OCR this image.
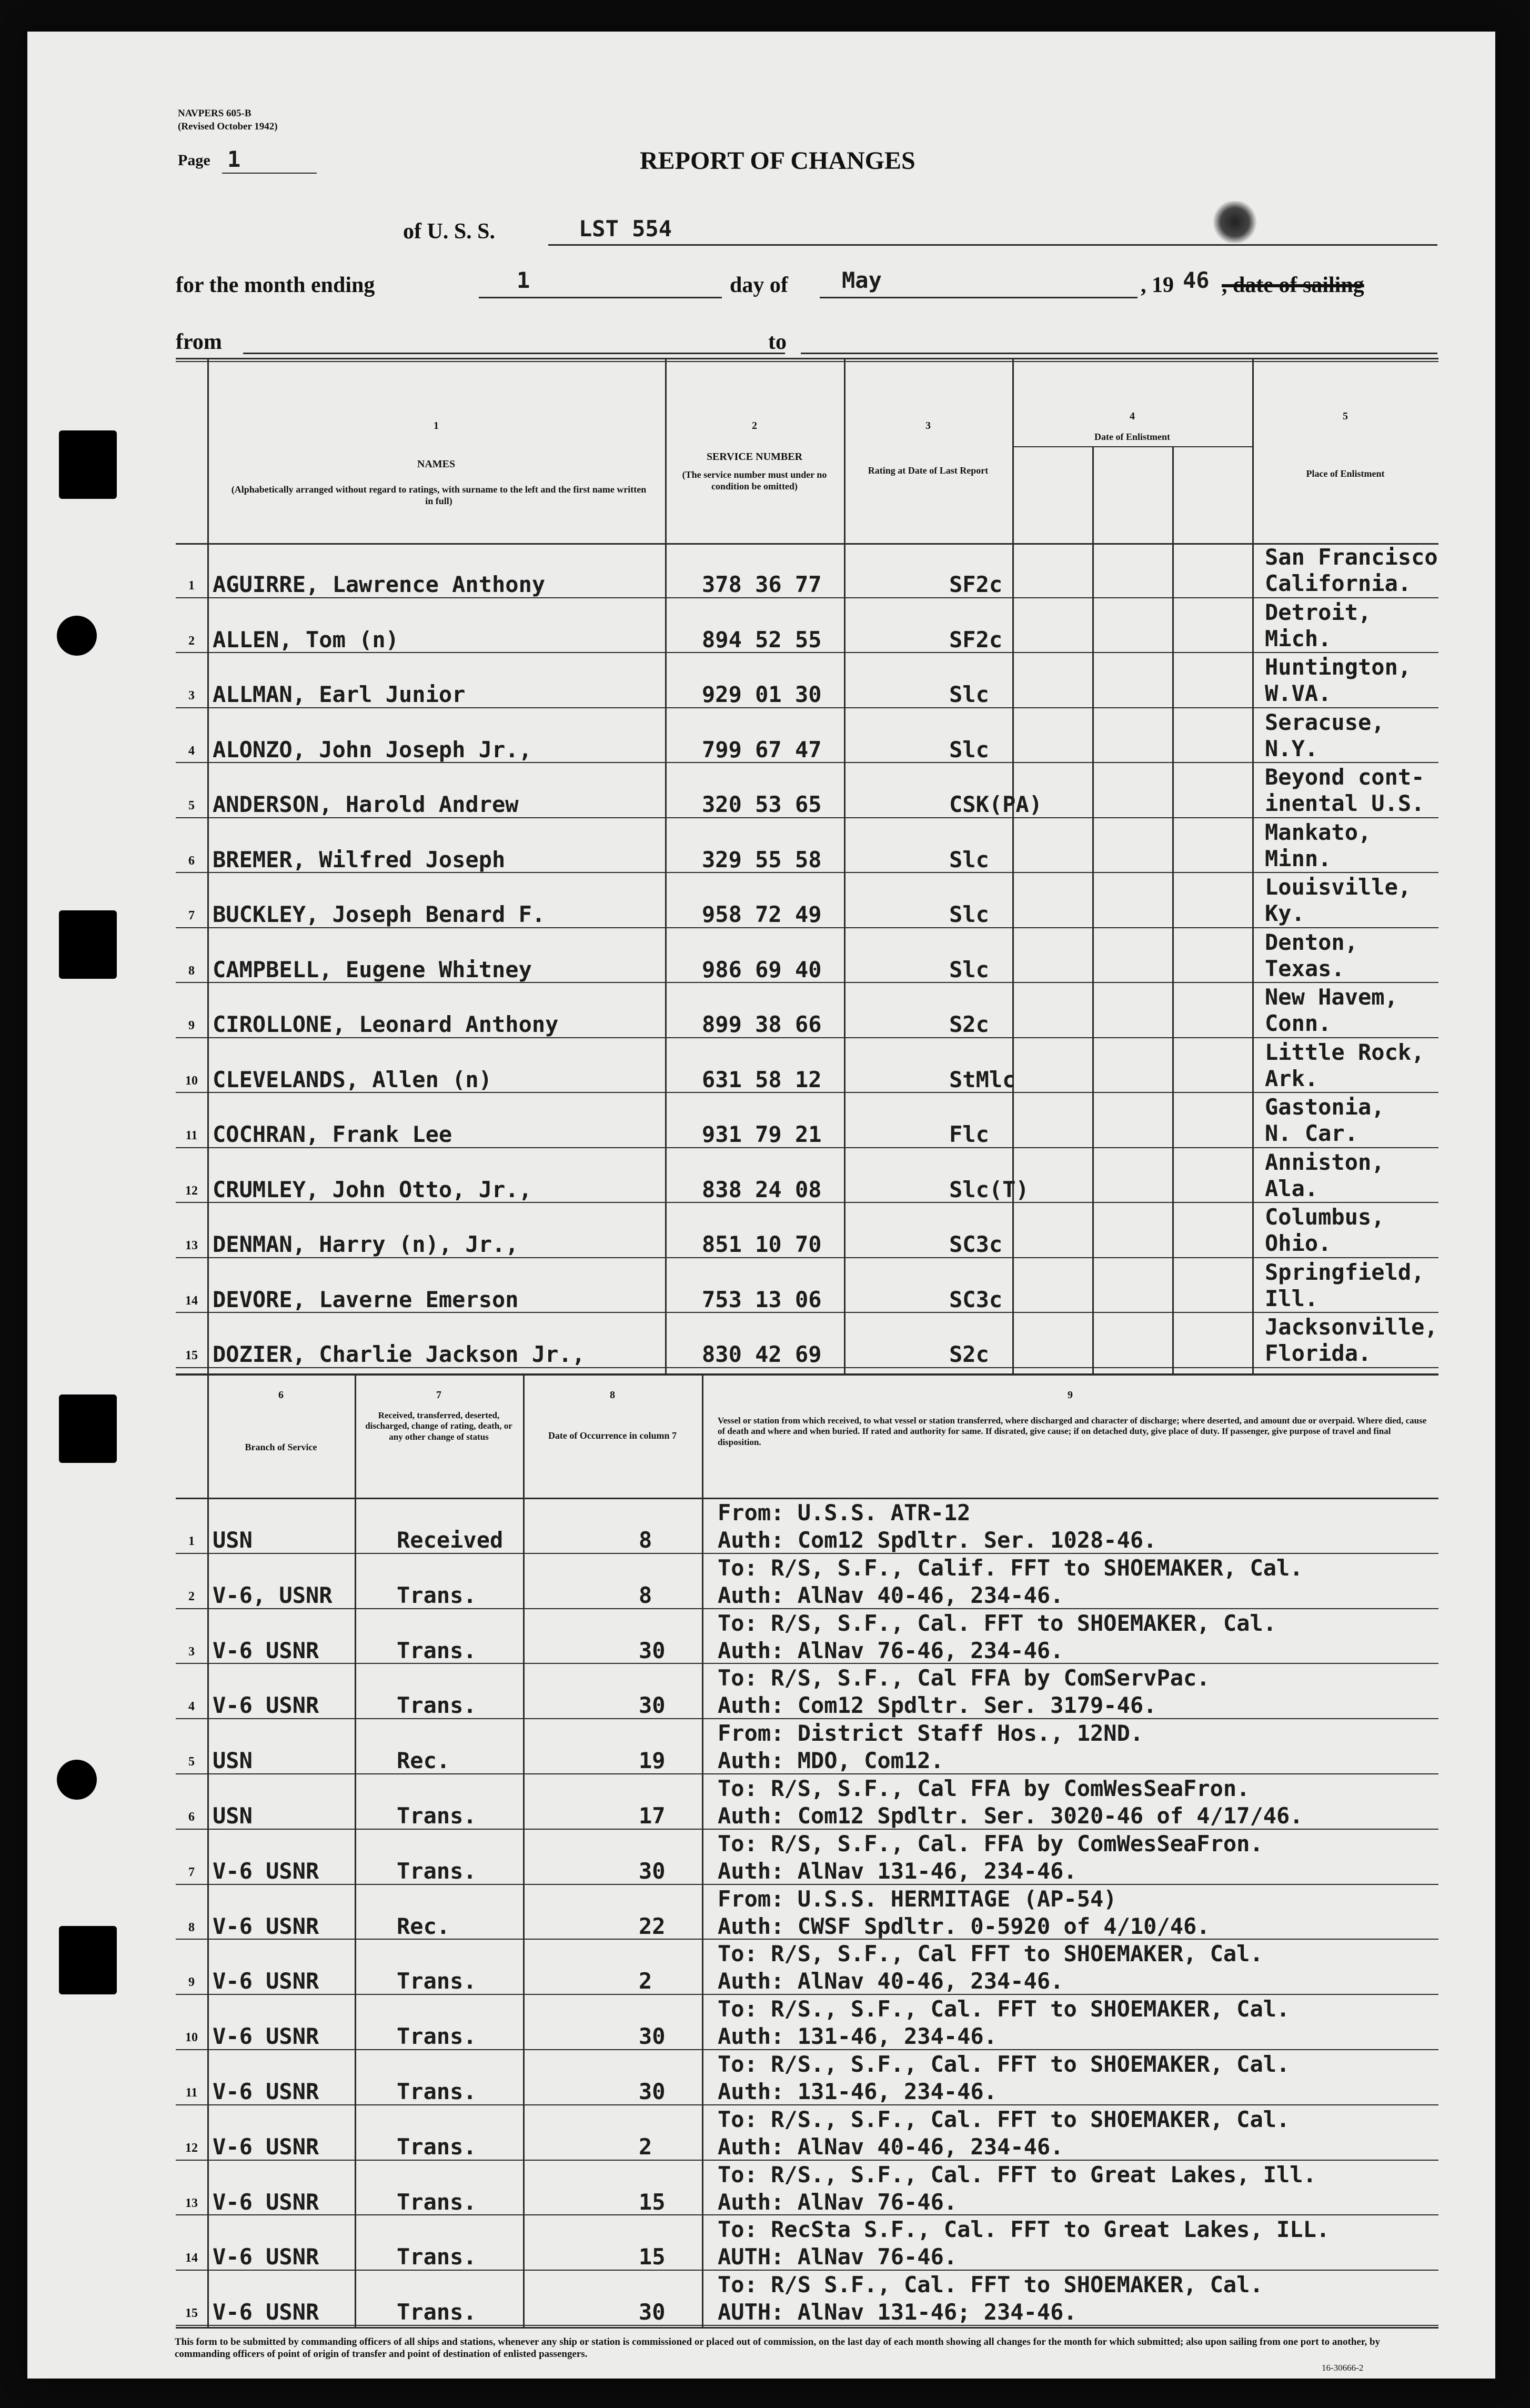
NAVPERS 605-B
(Revised October 1942)
Page 1	REPORT OF CHANGES
of U. S. S.	LST 554
for the month ending	1	day of May	, 19 46 , date of sailing
from	to
1
NAMES
(Alphabetically arranged without regard to ratings, with surname to the left and the first name written in full)
2
SERVICE NUMBER
(The service number must under no condition be omitted)
3
Rating at Date of Last Report
4
Date of Enlistment
5
Place of Enlistment
1 AGUIRRE, Lawrence Anthony	378 36 77	SF2c
San Francisco
California.
2 ALLEN, Tom (n)	894 52 55	SF2c
Detroit,
Mich.
3 ALLMAN, Earl Junior	929 01 30	Slc
Huntington,
W.VA.
4 ALONZO, John Joseph Jr.,	799 67 47	Slc
Seracuse,
N.Y.
5 ANDERSON, Harold Andrew	320 53 65	CSK(PA)
Beyond cont-
inental U.S.
6 BREMER, Wilfred Joseph	329 55 58	Slc
Mankato,
Minn.
7 BUCKLEY, Joseph Benard F.	958 72 49	Slc
Louisville,
Ky.
8 CAMPBELL, Eugene Whitney	986 69 40	Slc
Denton,
Texas.
9 CIROLLONE, Leonard Anthony	899 38 66	S2c
New Havem,
Conn.
10 CLEVELANDS, Allen (n)	631 58 12	StMlc
Little Rock,
Ark.
11 COCHRAN, Frank Lee	931 79 21	Flc
Gastonia,
N. Car.
12 CRUMLEY, John Otto, Jr.,	838 24 08	Slc(T)
Anniston,
Ala.
13 DENMAN, Harry (n), Jr.,	851 10 70	SC3c
Columbus,
Ohio.
14 DEVORE, Laverne Emerson	753 13 06	SC3c
Springfield,
Ill.
15 DOZIER, Charlie Jackson Jr.,	830 42 69	S2c
Jacksonville,
Florida.
6
Branch of Service
7
Received, transferred, deserted, discharged, change of rating, death, or any other change of status
8
Date of Occurrence in column 7
9
Vessel or station from which received, to what vessel or station transferred, where discharged and character of discharge; where deserted, and amount due or overpaid. Where died, cause of death and where and when buried. If rated and authority for same. If disrated, give cause; if on detached duty, give place of duty. If passenger, give purpose of travel and final disposition.
1 USN	Received	8
From: U.S.S. ATR-12
Auth: Com12 Spdltr. Ser. 1028-46.
2 V-6, USNR	Trans.	8
To: R/S, S.F., Calif. FFT to SHOEMAKER, Cal.
Auth: AlNav 40-46, 234-46.
3 V-6 USNR	Trans.	30
To: R/S, S.F., Cal. FFT to SHOEMAKER, Cal.
Auth: AlNav 76-46, 234-46.
4 V-6 USNR	Trans.	30
To: R/S, S.F., Cal FFA by ComServPac.
Auth: Com12 Spdltr. Ser. 3179-46.
5 USN	Rec.	19
From: District Staff Hos., 12ND.
Auth: MDO, Com12.
6 USN	Trans.	17
To: R/S, S.F., Cal FFA by ComWesSeaFron.
Auth: Com12 Spdltr. Ser. 3020-46 of 4/17/46.
7 V-6 USNR	Trans.	30
To: R/S, S.F., Cal. FFA by ComWesSeaFron.
Auth: AlNav 131-46, 234-46.
8 V-6 USNR	Rec.	22
From: U.S.S. HERMITAGE (AP-54)
Auth: CWSF Spdltr. 0-5920 of 4/10/46.
9 V-6 USNR	Trans.	2
To: R/S, S.F., Cal FFT to SHOEMAKER, Cal.
Auth: AlNav 40-46, 234-46.
10 V-6 USNR	Trans.	30
To: R/S., S.F., Cal. FFT to SHOEMAKER, Cal.
Auth: 131-46, 234-46.
11 V-6 USNR	Trans.	30
To: R/S., S.F., Cal. FFT to SHOEMAKER, Cal.
Auth: 131-46, 234-46.
12 V-6 USNR	Trans.	2
To: R/S., S.F., Cal. FFT to SHOEMAKER, Cal.
Auth: AlNav 40-46, 234-46.
13 V-6 USNR	Trans.	15
To: R/S., S.F., Cal. FFT to Great Lakes, Ill.
Auth: AlNav 76-46.
14 V-6 USNR	Trans.	15
To: RecSta S.F., Cal. FFT to Great Lakes, ILL.
AUTH: AlNav 76-46.
15 V-6 USNR	Trans.	30
To: R/S S.F., Cal. FFT to SHOEMAKER, Cal.
AUTH: AlNav 131-46; 234-46.
This form to be submitted by commanding officers of all ships and stations, whenever any ship or station is commissioned or placed out of commission, on the last day of each month showing all changes for the month for which submitted; also upon sailing from one port to another, by commanding officers of point of origin of transfer and point of destination of enlisted passengers.
16-30666-2
